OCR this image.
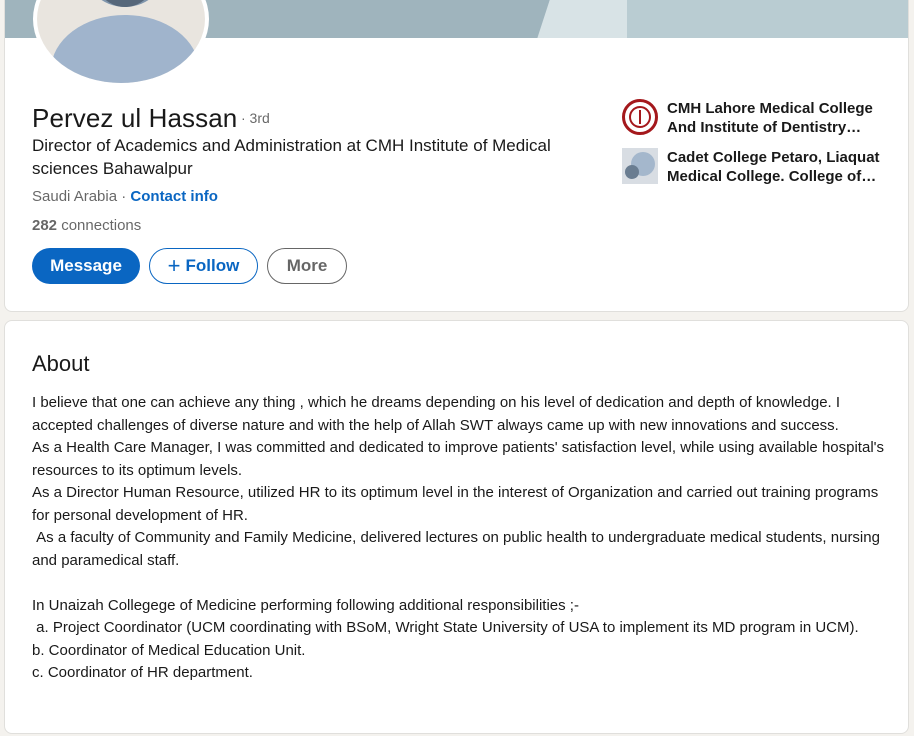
Pervez ul Hassan · 3rd
Director of Academics and Administration at CMH Institute of Medical sciences Bahawalpur
Saudi Arabia · Contact info
282 connections
Message	+ Follow	More
CMH Lahore Medical College And Institute of Dentistry…
Cadet College Petaro, Liaquat Medical College. College of…
About

I believe that one can achieve any thing , which he dreams depending on his level of dedication and depth of knowledge. I accepted challenges of diverse nature and with the help of Allah SWT always came up with new innovations and success.

As a Health Care Manager, I was committed and dedicated to improve patients' satisfaction level, while using available hospital's resources to its optimum levels.

As a Director Human Resource, utilized HR to its optimum level in the interest of Organization and carried out training programs for personal development of HR.

As a faculty of Community and Family Medicine, delivered lectures on public health to undergraduate medical students, nursing and paramedical staff.

In Unaizah Collegege of Medicine performing following additional responsibilities ;-

a. Project Coordinator (UCM coordinating with BSoM, Wright State University of USA to implement its MD program in UCM).

b. Coordinator of Medical Education Unit.

c. Coordinator of HR department.
